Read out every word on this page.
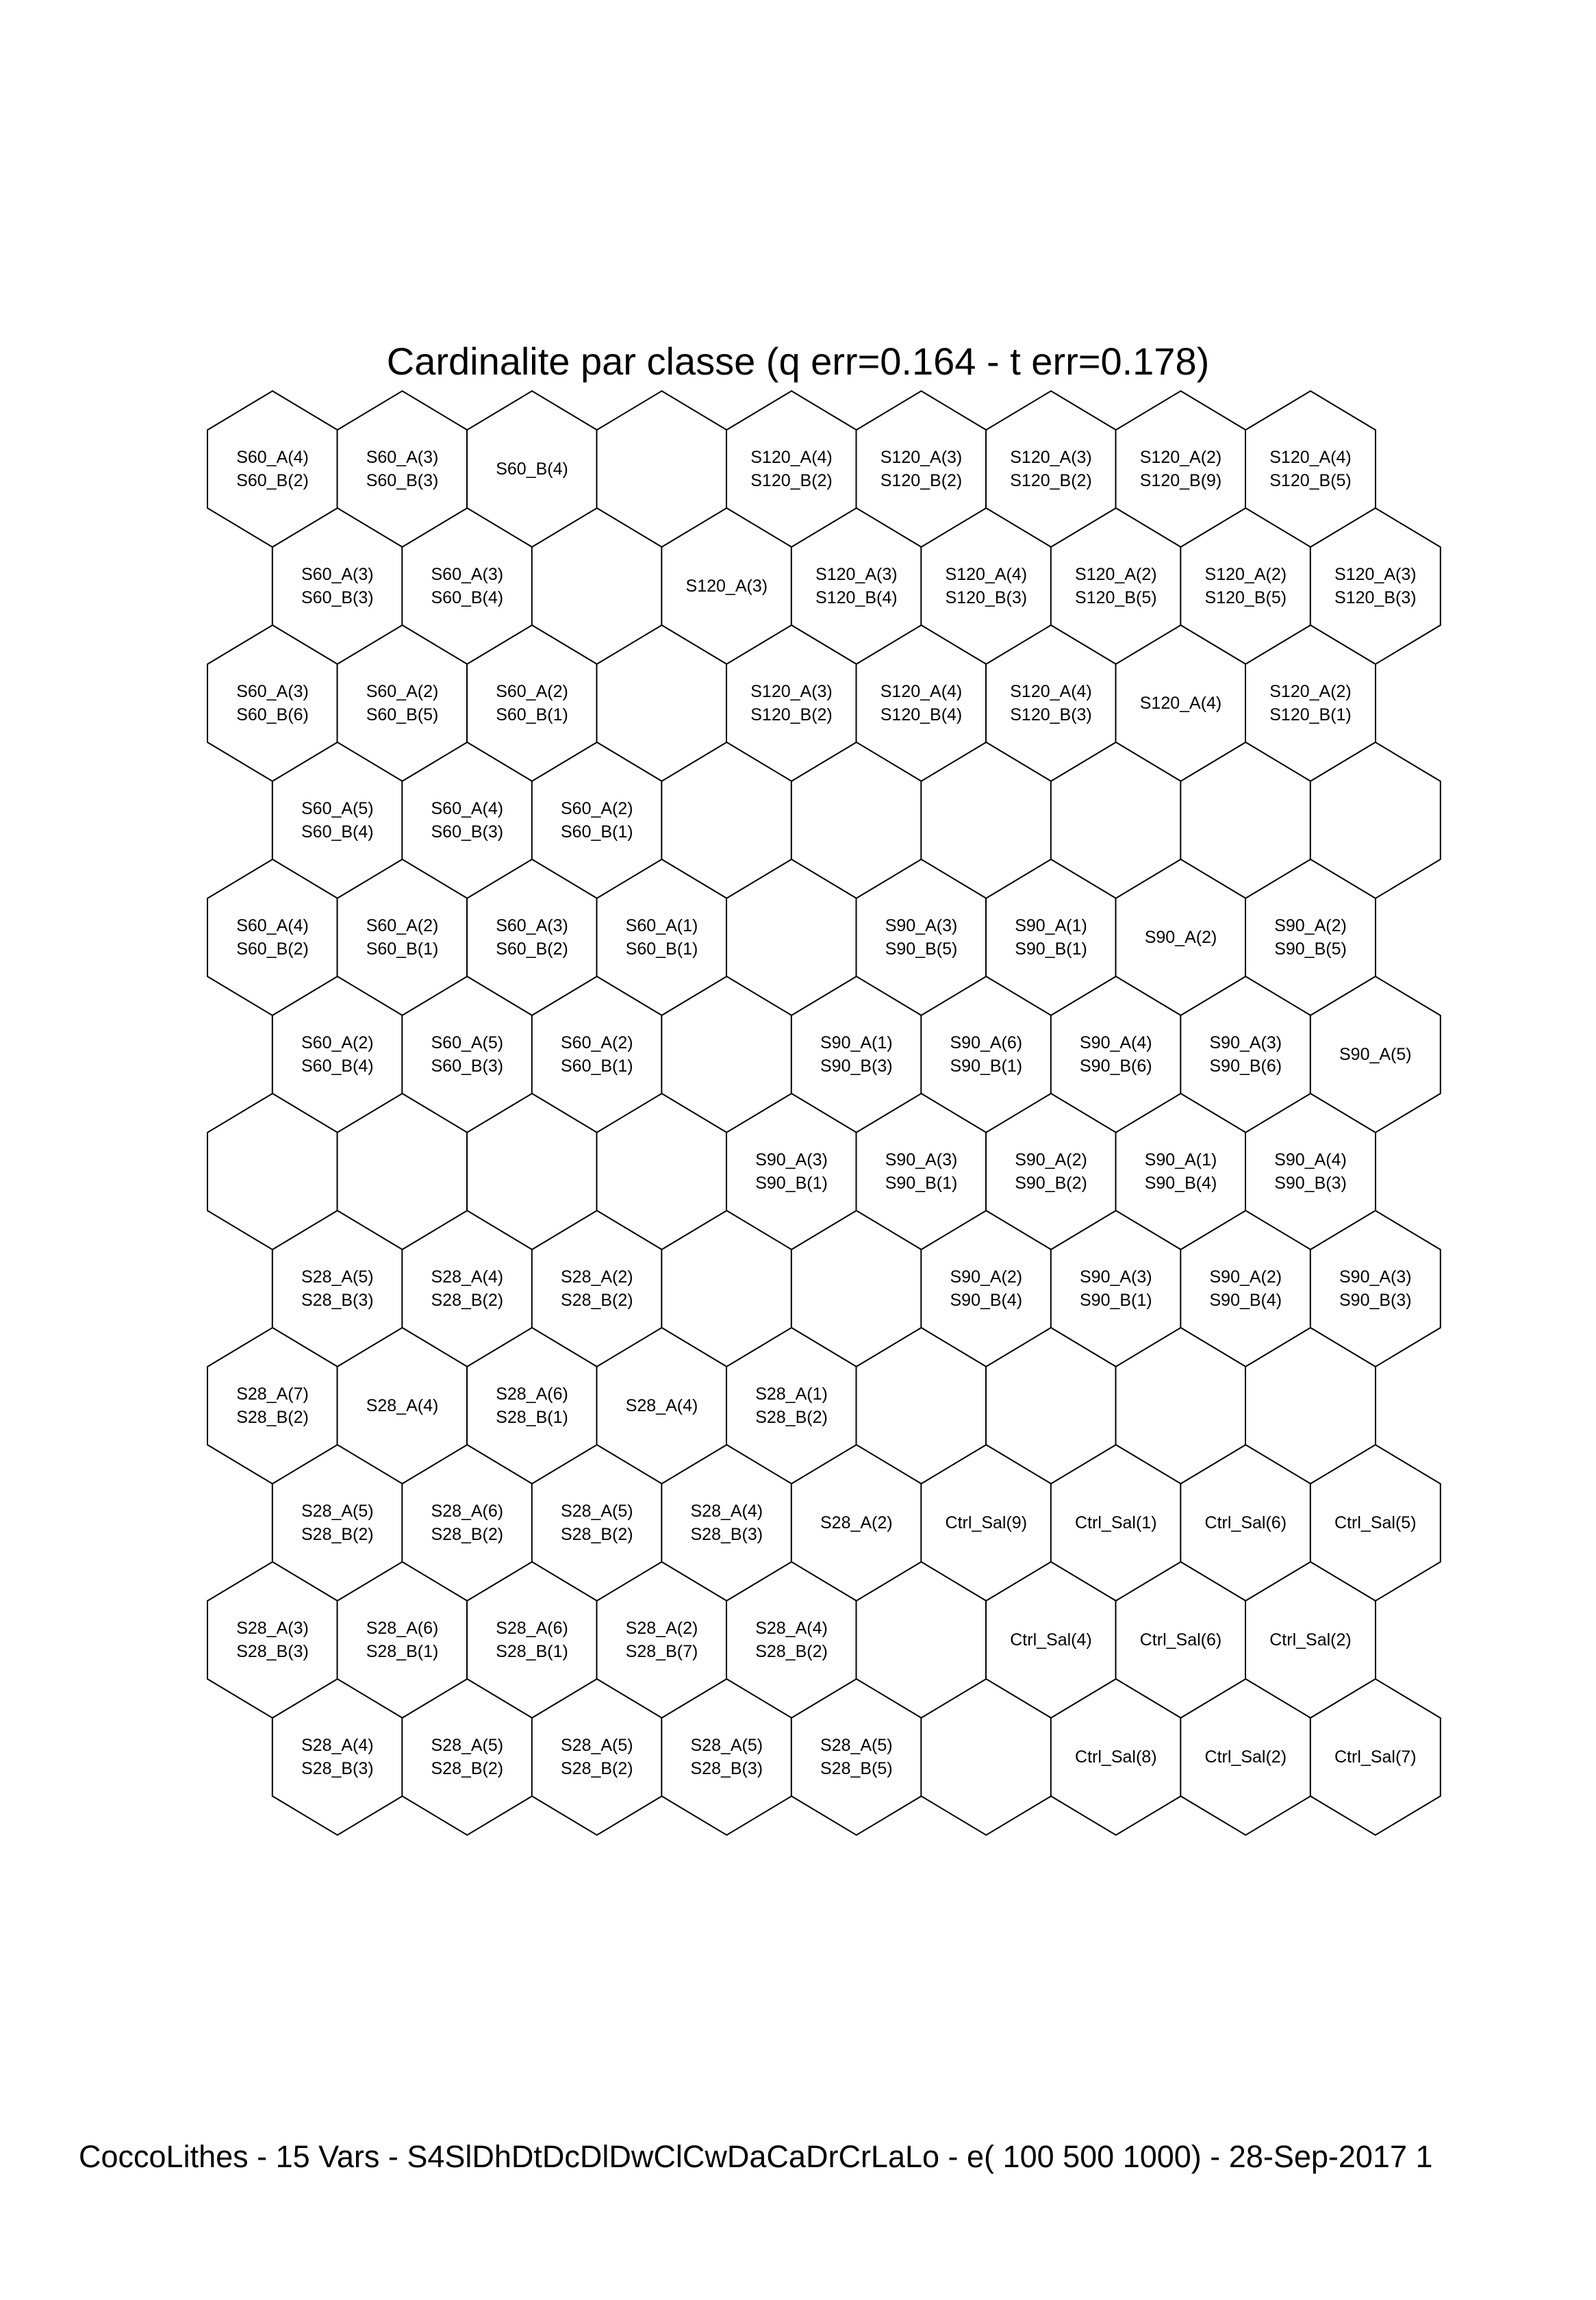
Cardinalite par classe (q err=0.164 - t err=0.178)
S60_A(4)
S60_B(2)
S60_A(3)
S60_B(3)
S60_B(4)
S120_A(4)
S120_B(2)
S120_A(3)
S120_B(2)
S120_A(3)
S120_B(2)
S120_A(2)
S120_B(9)
S120_A(4)
S120_B(5)
S60_A(3)
S60_B(3)
S60_A(3)
S60_B(4)
S120_A(3)
S120_A(3)
S120_B(4)
S120_A(4)
S120_B(3)
S120_A(2)
S120_B(5)
S120_A(2)
S120_B(5)
S120_A(3)
S120_B(3)
S60_A(3)
S60_B(6)
S60_A(2)
S60_B(5)
S60_A(2)
S60_B(1)
S120_A(3)
S120_B(2)
S120_A(4)
S120_B(4)
S120_A(4)
S120_B(3)
S120_A(4)
S120_A(2)
S120_B(1)
S60_A(5)
S60_B(4)
S60_A(4)
S60_B(3)
S60_A(2)
S60_B(1)
S60_A(4)
S60_B(2)
S60_A(2)
S60_B(1)
S60_A(3)
S60_B(2)
S60_A(1)
S60_B(1)
S90_A(3)
S90_B(5)
S90_A(1)
S90_B(1)
S90_A(2)
S90_A(2)
S90_B(5)
S60_A(2)
S60_B(4)
S60_A(5)
S60_B(3)
S60_A(2)
S60_B(1)
S90_A(1)
S90_B(3)
S90_A(6)
S90_B(1)
S90_A(4)
S90_B(6)
S90_A(3)
S90_B(6)
S90_A(5)
S90_A(3)
S90_B(1)
S90_A(3)
S90_B(1)
S90_A(2)
S90_B(2)
S90_A(1)
S90_B(4)
S90_A(4)
S90_B(3)
S28_A(5)
S28_B(3)
S28_A(4)
S28_B(2)
S28_A(2)
S28_B(2)
S90_A(2)
S90_B(4)
S90_A(3)
S90_B(1)
S90_A(2)
S90_B(4)
S90_A(3)
S90_B(3)
S28_A(7)
S28_B(2)
S28_A(4)
S28_A(6)
S28_B(1)
S28_A(4)
S28_A(1)
S28_B(2)
S28_A(5)
S28_B(2)
S28_A(6)
S28_B(2)
S28_A(5)
S28_B(2)
S28_A(4)
S28_B(3)
S28_A(2)	Ctrl_Sal(9)	Ctrl_Sal(1)	Ctrl_Sal(6)	Ctrl_Sal(5)
S28_A(3)
S28_B(3)
S28_A(6)
S28_B(1)
S28_A(6)
S28_B(1)
S28_A(2)
S28_B(7)
S28_A(4)
S28_B(2)
Ctrl_Sal(4)	Ctrl_Sal(6)	Ctrl_Sal(2)
S28_A(4)
S28_B(3)
S28_A(5)
S28_B(2)
S28_A(5)
S28_B(2)
S28_A(5)
S28_B(3)
S28_A(5)
S28_B(5)
Ctrl_Sal(8)	Ctrl_Sal(2)	Ctrl_Sal(7)
CoccoLithes - 15 Vars - S4SlDhDtDcDlDwClCwDaCaDrCrLaLo - e( 100 500 1000) - 28-Sep-2017 1
